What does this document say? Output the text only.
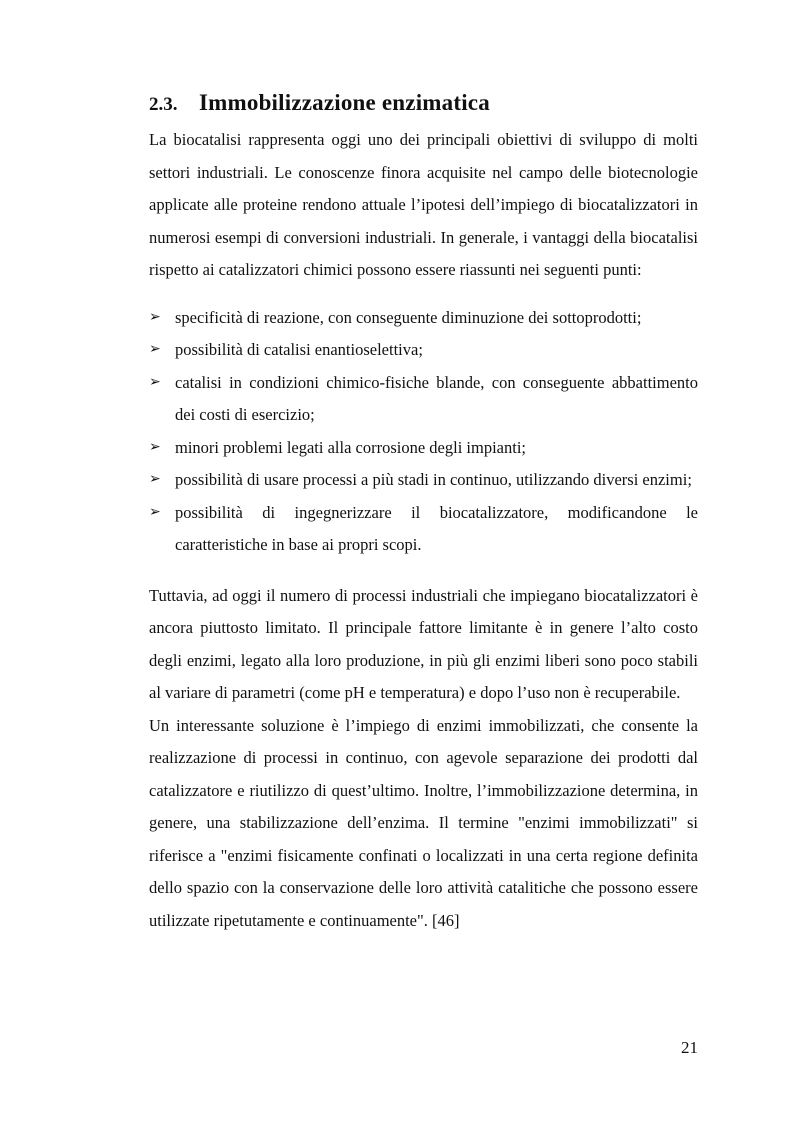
2.3. Immobilizzazione enzimatica

La biocatalisi rappresenta oggi uno dei principali obiettivi di sviluppo di molti settori industriali. Le conoscenze finora acquisite nel campo delle biotecnologie applicate alle proteine rendono attuale l’ipotesi dell’impiego di biocatalizzatori in numerosi esempi di conversioni industriali. In generale, i vantaggi della biocatalisi rispetto ai catalizzatori chimici possono essere riassunti nei seguenti punti:

➢ specificità di reazione, con conseguente diminuzione dei sottoprodotti;
➢ possibilità di catalisi enantioselettiva;
➢ catalisi in condizioni chimico-fisiche blande, con conseguente abbattimento dei costi di esercizio;
➢ minori problemi legati alla corrosione degli impianti;
➢ possibilità di usare processi a più stadi in continuo, utilizzando diversi enzimi;
➢ possibilità di ingegnerizzare il biocatalizzatore, modificandone le caratteristiche in base ai propri scopi.

Tuttavia, ad oggi il numero di processi industriali che impiegano biocatalizzatori è ancora piuttosto limitato. Il principale fattore limitante è in genere l’alto costo degli enzimi, legato alla loro produzione, in più gli enzimi liberi sono poco stabili al variare di parametri (come pH e temperatura) e dopo l’uso non è recuperabile.

Un interessante soluzione è l’impiego di enzimi immobilizzati, che consente la realizzazione di processi in continuo, con agevole separazione dei prodotti dal catalizzatore e riutilizzo di quest’ultimo. Inoltre, l’immobilizzazione determina, in genere, una stabilizzazione dell’enzima. Il termine "enzimi immobilizzati" si riferisce a "enzimi fisicamente confinati o localizzati in una certa regione definita dello spazio con la conservazione delle loro attività catalitiche che possono essere utilizzate ripetutamente e continuamente". [46]

21
